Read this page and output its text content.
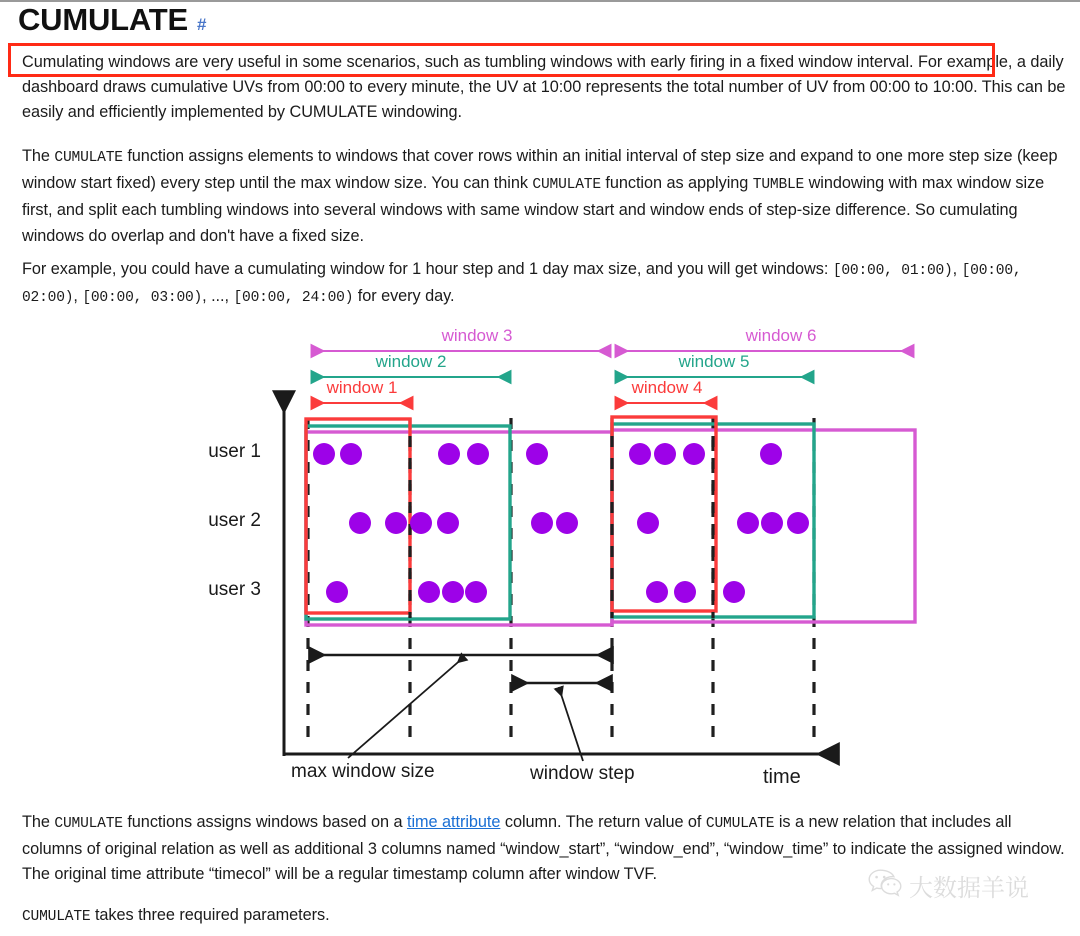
CUMULATE #
Cumulating windows are very useful in some scenarios, such as tumbling windows with early firing in a fixed window interval. For example, a daily dashboard draws cumulative UVs from 00:00 to every minute, the UV at 10:00 represents the total number of UV from 00:00 to 10:00. This can be easily and efficiently implemented by CUMULATE windowing.
The CUMULATE function assigns elements to windows that cover rows within an initial interval of step size and expand to one more step size (keep window start fixed) every step until the max window size. You can think CUMULATE function as applying TUMBLE windowing with max window size first, and split each tumbling windows into several windows with same window start and window ends of step-size difference. So cumulating windows do overlap and don't have a fixed size.
For example, you could have a cumulating window for 1 hour step and 1 day max size, and you will get windows: [00:00, 01:00), [00:00, 02:00), [00:00, 03:00), ..., [00:00, 24:00) for every day.
window 3	window 6
window 2	window 5
window 1	window 4
user 1
user 2
user 3
time
max window size	window step
The CUMULATE functions assigns windows based on a time attribute column. The return value of CUMULATE is a new relation that includes all columns of original relation as well as additional 3 columns named “window_start”, “window_end”, “window_time” to indicate the assigned window. The original time attribute “timecol” will be a regular timestamp column after window TVF.
CUMULATE takes three required parameters.
大数据羊说
